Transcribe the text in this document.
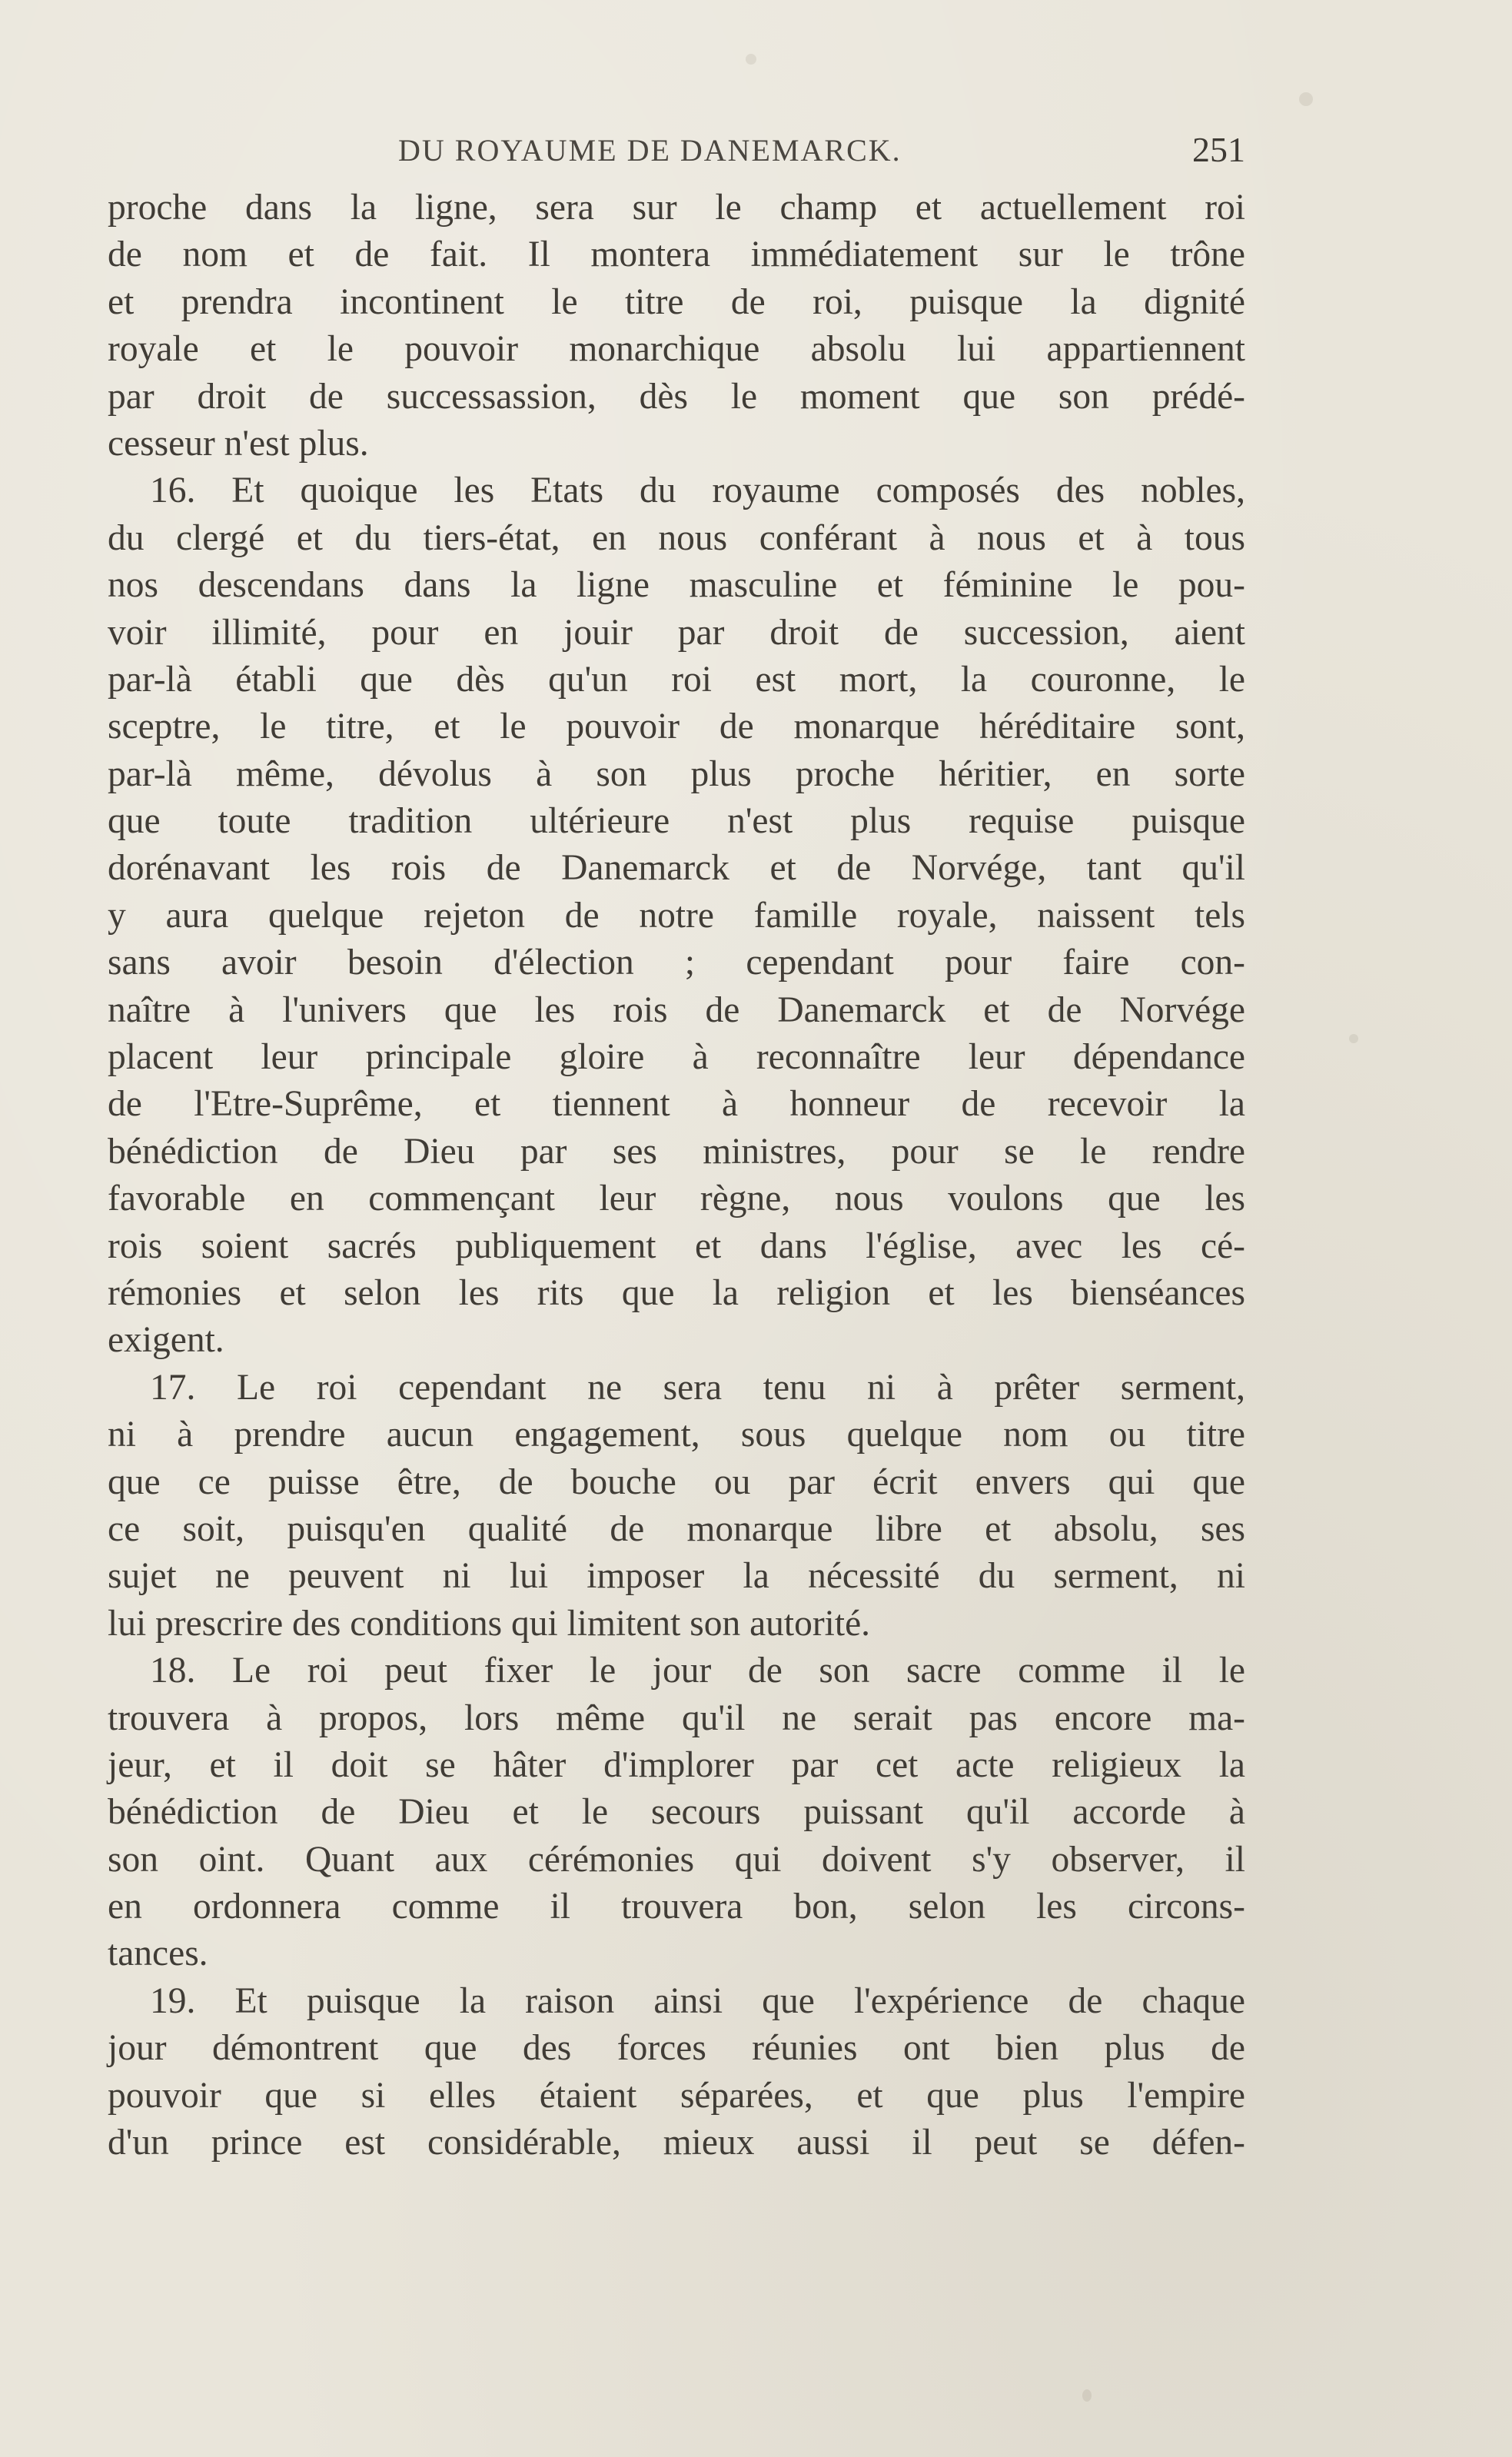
DU ROYAUME DE DANEMARCK.	251
proche dans la ligne, sera sur le champ et actuellement roi
de nom et de fait. Il montera immédiatement sur le trône
et prendra incontinent le titre de roi, puisque la dignité
royale et le pouvoir monarchique absolu lui appartiennent
par droit de successassion, dès le moment que son prédé-
cesseur n'est plus.
16. Et quoique les Etats du royaume composés des nobles,
du clergé et du tiers-état, en nous conférant à nous et à tous
nos descendans dans la ligne masculine et féminine le pou-
voir illimité, pour en jouir par droit de succession, aient
par-là établi que dès qu'un roi est mort, la couronne, le
sceptre, le titre, et le pouvoir de monarque héréditaire sont,
par-là même, dévolus à son plus proche héritier, en sorte
que toute tradition ultérieure n'est plus requise puisque
dorénavant les rois de Danemarck et de Norvége, tant qu'il
y aura quelque rejeton de notre famille royale, naissent tels
sans avoir besoin d'élection ; cependant pour faire con-
naître à l'univers que les rois de Danemarck et de Norvége
placent leur principale gloire à reconnaître leur dépendance
de l'Etre-Suprême, et tiennent à honneur de recevoir la
bénédiction de Dieu par ses ministres, pour se le rendre
favorable en commençant leur règne, nous voulons que les
rois soient sacrés publiquement et dans l'église, avec les cé-
rémonies et selon les rits que la religion et les bienséances
exigent.
17. Le roi cependant ne sera tenu ni à prêter serment,
ni à prendre aucun engagement, sous quelque nom ou titre
que ce puisse être, de bouche ou par écrit envers qui que
ce soit, puisqu'en qualité de monarque libre et absolu, ses
sujet ne peuvent ni lui imposer la nécessité du serment, ni
lui prescrire des conditions qui limitent son autorité.
18. Le roi peut fixer le jour de son sacre comme il le
trouvera à propos, lors même qu'il ne serait pas encore ma-
jeur, et il doit se hâter d'implorer par cet acte religieux la
bénédiction de Dieu et le secours puissant qu'il accorde à
son oint. Quant aux cérémonies qui doivent s'y observer, il
en ordonnera comme il trouvera bon, selon les circons-
tances.
19. Et puisque la raison ainsi que l'expérience de chaque
jour démontrent que des forces réunies ont bien plus de
pouvoir que si elles étaient séparées, et que plus l'empire
d'un prince est considérable, mieux aussi il peut se défen-
